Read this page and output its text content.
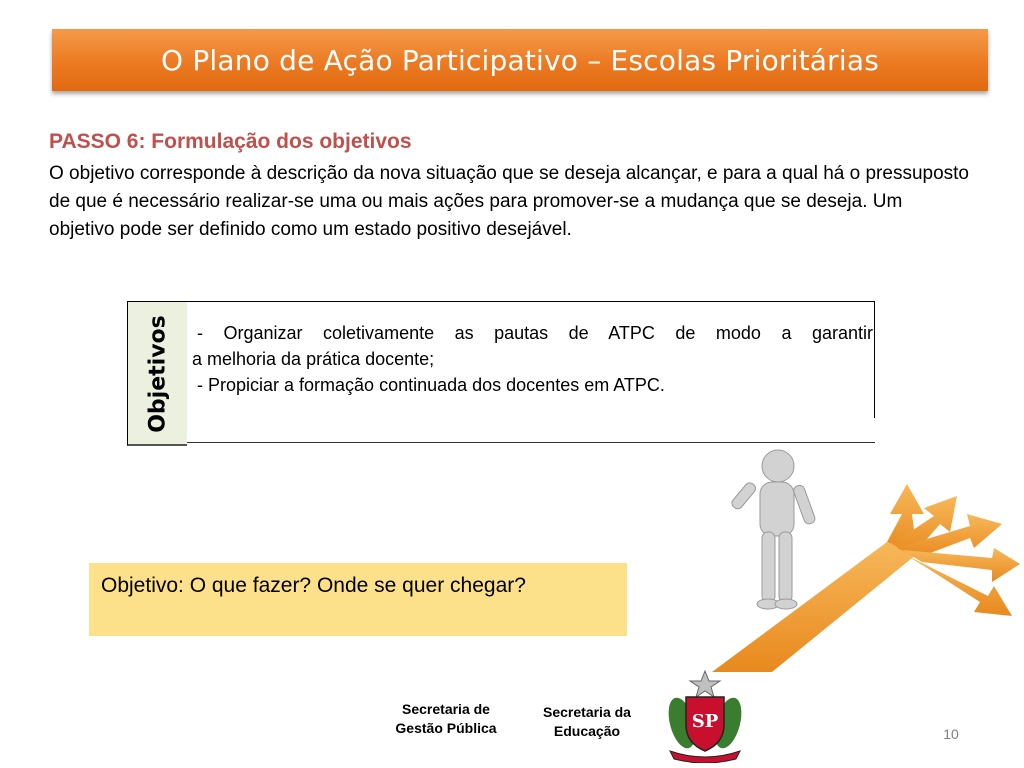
O Plano de Ação Participativo – Escolas Prioritárias
PASSO 6: Formulação dos objetivos
O objetivo corresponde à descrição da nova situação que se deseja alcançar, e para a qual há o pressuposto de que é necessário realizar-se uma ou mais ações para promover-se a mudança que se deseja. Um objetivo pode ser definido como um estado positivo desejável.
Objetivos - Organizar coletivamente as pautas de ATPC de modo a garantir
a melhoria da prática docente;
- Propiciar a formação continuada dos docentes em ATPC.
Objetivo: O que fazer? Onde se quer chegar?
Secretaria de Gestão Pública
Secretaria da Educação	SP
10
